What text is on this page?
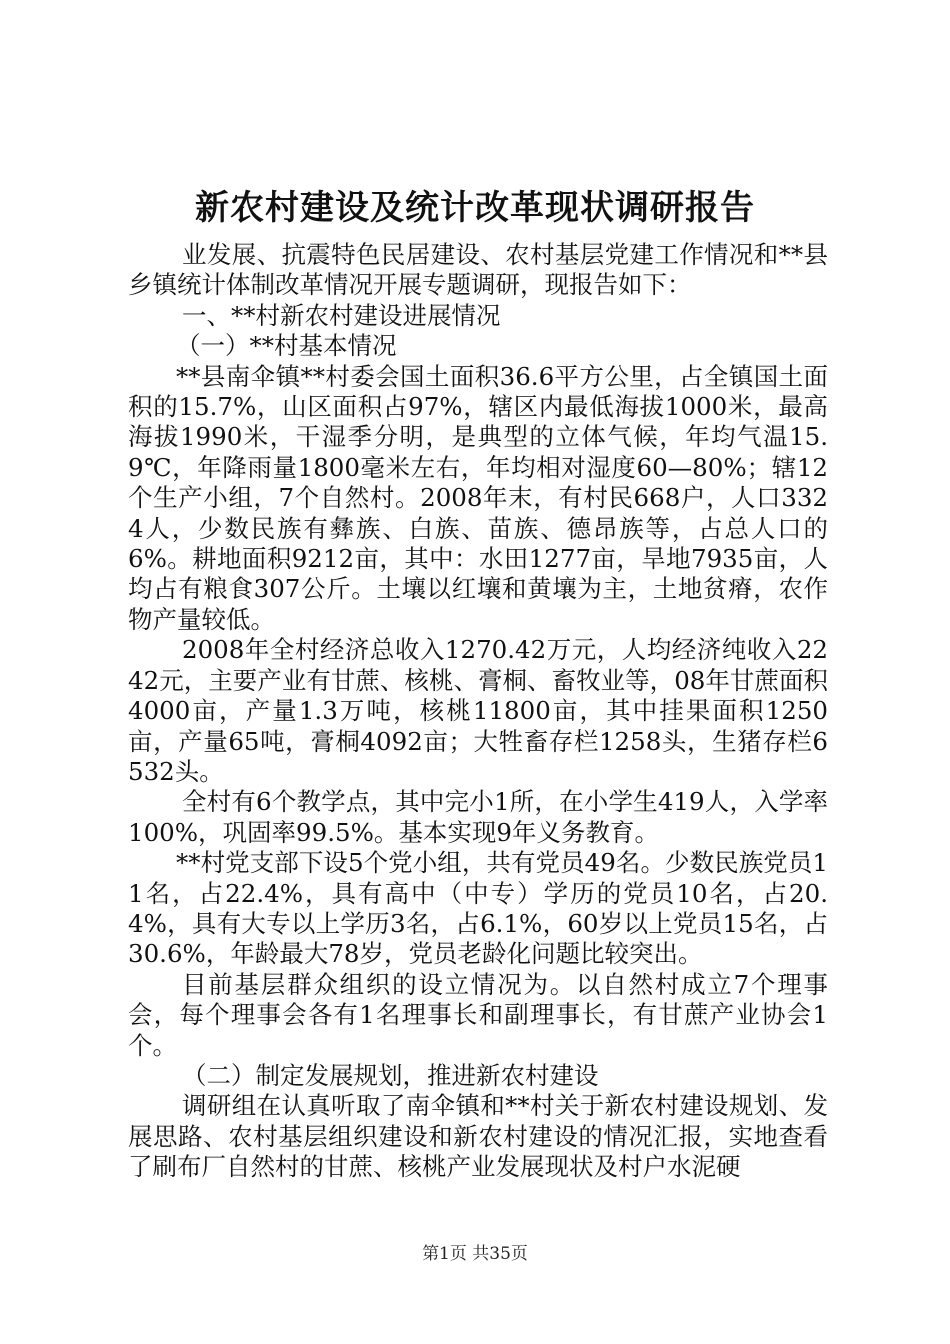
新农村建设及统计改革现状调研报告

业发展、抗震特色民居建设、农村基层党建工作情况和**县乡镇统计体制改革情况开展专题调研，现报告如下：

一、**村新农村建设进展情况

（一）**村基本情况

**县南伞镇**村委会国土面积36.6平方公里，占全镇国土面积的15.7%，山区面积占97%，辖区内最低海拔1000米，最高海拔1990米，干湿季分明，是典型的立体气候，年均气温15.9℃，年降雨量1800毫米左右，年均相对湿度60—80%；辖12个生产小组，7个自然村。2008年末，有村民668户，人口3324人，少数民族有彝族、白族、苗族、德昂族等，占总人口的6%。耕地面积9212亩，其中：水田1277亩，旱地7935亩，人均占有粮食307公斤。土壤以红壤和黄壤为主，土地贫瘠，农作物产量较低。

2008年全村经济总收入1270.42万元，人均经济纯收入2242元，主要产业有甘蔗、核桃、膏桐、畜牧业等，08年甘蔗面积4000亩，产量1.3万吨，核桃11800亩，其中挂果面积1250亩，产量65吨，膏桐4092亩；大牲畜存栏1258头，生猪存栏6532头。

全村有6个教学点，其中完小1所，在小学生419人，入学率100%，巩固率99.5%。基本实现9年义务教育。

**村党支部下设5个党小组，共有党员49名。少数民族党员11名，占22.4%，具有高中（中专）学历的党员10名，占20.4%，具有大专以上学历3名，占6.1%，60岁以上党员15名，占30.6%，年龄最大78岁，党员老龄化问题比较突出。

目前基层群众组织的设立情况为。以自然村成立7个理事会，每个理事会各有1名理事长和副理事长，有甘蔗产业协会1个。

（二）制定发展规划，推进新农村建设

调研组在认真听取了南伞镇和**村关于新农村建设规划、发展思路、农村基层组织建设和新农村建设的情况汇报，实地查看了刷布厂自然村的甘蔗、核桃产业发展现状及村户水泥硬

第1页 共35页
